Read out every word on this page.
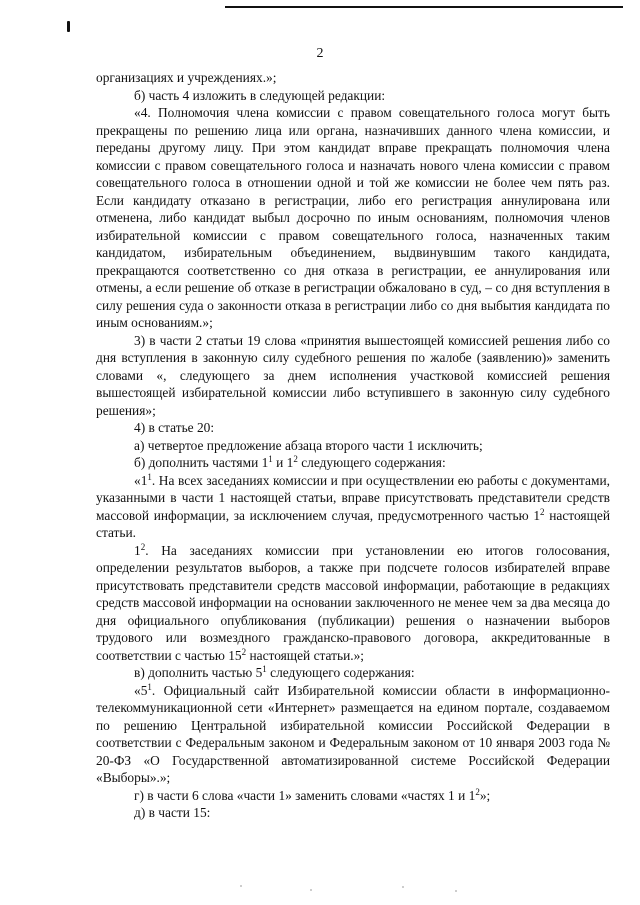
2

организациях и учреждениях.»;

б) часть 4 изложить в следующей редакции:

«4. Полномочия члена комиссии с правом совещательного голоса могут быть прекращены по решению лица или органа, назначивших данного члена комиссии, и переданы другому лицу. При этом кандидат вправе прекращать полномочия члена комиссии с правом совещательного голоса и назначать нового члена комиссии с правом совещательного голоса в отношении одной и той же комиссии не более чем пять раз. Если кандидату отказано в регистрации, либо его регистрация аннулирована или отменена, либо кандидат выбыл досрочно по иным основаниям, полномочия членов избирательной комиссии с правом совещательного голоса, назначенных таким кандидатом, избирательным объединением, выдвинувшим такого кандидата, прекращаются соответственно со дня отказа в регистрации, ее аннулирования или отмены, а если решение об отказе в регистрации обжаловано в суд, – со дня вступления в силу решения суда о законности отказа в регистрации либо со дня выбытия кандидата по иным основаниям.»;

3) в части 2 статьи 19 слова «принятия вышестоящей комиссией решения либо со дня вступления в законную силу судебного решения по жалобе (заявлению)» заменить словами «, следующего за днем исполнения участковой комиссией решения вышестоящей избирательной комиссии либо вступившего в законную силу судебного решения»;

4) в статье 20:

а) четвертое предложение абзаца второго части 1 исключить;

б) дополнить частями $1^1$ и $1^2$ следующего содержания:

«$1^1$. На всех заседаниях комиссии и при осуществлении ею работы с документами, указанными в части 1 настоящей статьи, вправе присутствовать представители средств массовой информации, за исключением случая, предусмотренного частью $1^2$ настоящей статьи.

$1^2$. На заседаниях комиссии при установлении ею итогов голосования, определении результатов выборов, а также при подсчете голосов избирателей вправе присутствовать представители средств массовой информации, работающие в редакциях средств массовой информации на основании заключенного не менее чем за два месяца до дня официального опубликования (публикации) решения о назначении выборов трудового или возмездного гражданско-правового договора, аккредитованные в соответствии с частью $15^2$ настоящей статьи.»;

в) дополнить частью $5^1$ следующего содержания:

«$5^1$. Официальный сайт Избирательной комиссии области в информационно-телекоммуникационной сети «Интернет» размещается на едином портале, создаваемом по решению Центральной избирательной комиссии Российской Федерации в соответствии с Федеральным законом и Федеральным законом от 10 января 2003 года № 20-ФЗ «О Государственной автоматизированной системе Российской Федерации «Выборы».»;

г) в части 6 слова «части 1» заменить словами «частях 1 и $1^2$»;

д) в части 15:
